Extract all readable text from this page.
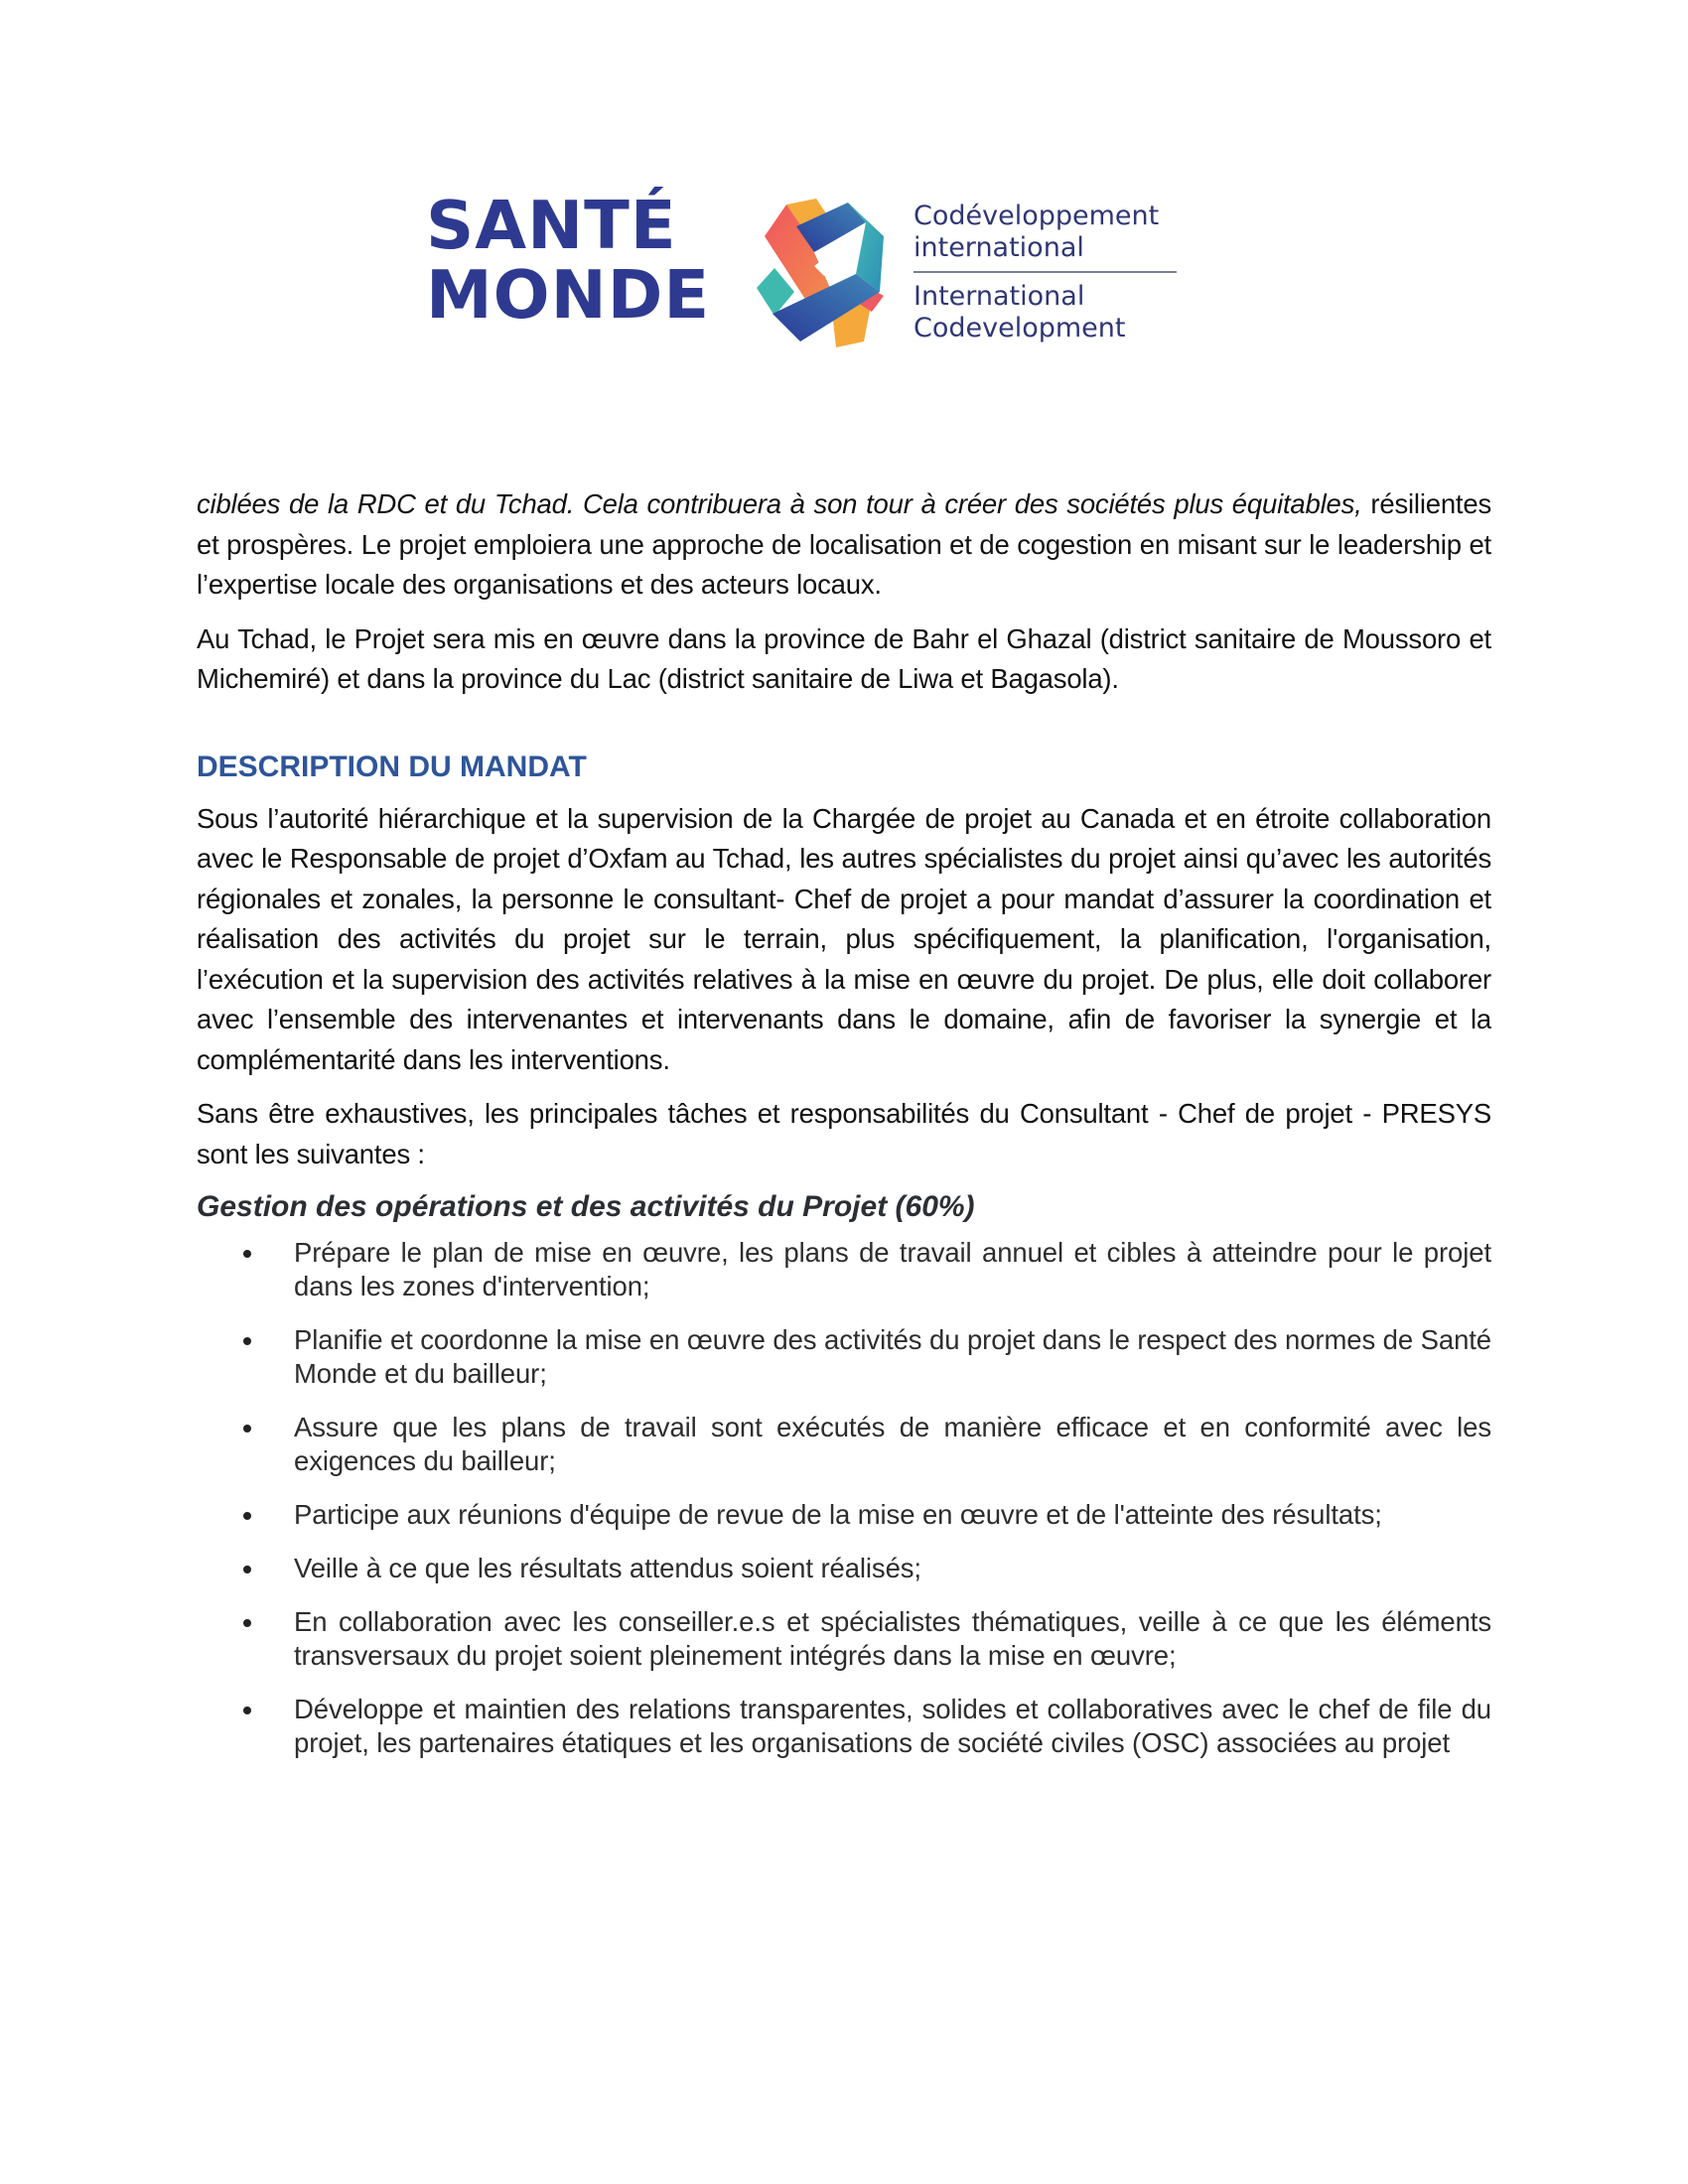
SANTÉ
MONDE
Codéveloppement
international
International
Codevelopment

ciblées de la RDC et du Tchad. Cela contribuera à son tour à créer des sociétés plus équitables, résilientes et prospères. Le projet emploiera une approche de localisation et de cogestion en misant sur le leadership et l’expertise locale des organisations et des acteurs locaux.

Au Tchad, le Projet sera mis en œuvre dans la province de Bahr el Ghazal (district sanitaire de Moussoro et Michemiré) et dans la province du Lac (district sanitaire de Liwa et Bagasola).

DESCRIPTION DU MANDAT

Sous l’autorité hiérarchique et la supervision de la Chargée de projet au Canada et en étroite collaboration avec le Responsable de projet d’Oxfam au Tchad, les autres spécialistes du projet ainsi qu’avec les autorités régionales et zonales, la personne le consultant- Chef de projet a pour mandat d’assurer la coordination et réalisation des activités du projet sur le terrain, plus spécifiquement, la planification, l'organisation, l’exécution et la supervision des activités relatives à la mise en œuvre du projet. De plus, elle doit collaborer avec l’ensemble des intervenantes et intervenants dans le domaine, afin de favoriser la synergie et la complémentarité dans les interventions.

Sans être exhaustives, les principales tâches et responsabilités du Consultant - Chef de projet - PRESYS sont les suivantes :

Gestion des opérations et des activités du Projet (60%)
Prépare le plan de mise en œuvre, les plans de travail annuel et cibles à atteindre pour le projet dans les zones d'intervention;
Planifie et coordonne la mise en œuvre des activités du projet dans le respect des normes de Santé Monde et du bailleur;
Assure que les plans de travail sont exécutés de manière efficace et en conformité avec les exigences du bailleur;
Participe aux réunions d'équipe de revue de la mise en œuvre et de l'atteinte des résultats;
Veille à ce que les résultats attendus soient réalisés;
En collaboration avec les conseiller.e.s et spécialistes thématiques, veille à ce que les éléments transversaux du projet soient pleinement intégrés dans la mise en œuvre;
Développe et maintien des relations transparentes, solides et collaboratives avec le chef de file du projet, les partenaires étatiques et les organisations de société civiles (OSC) associées au projet
